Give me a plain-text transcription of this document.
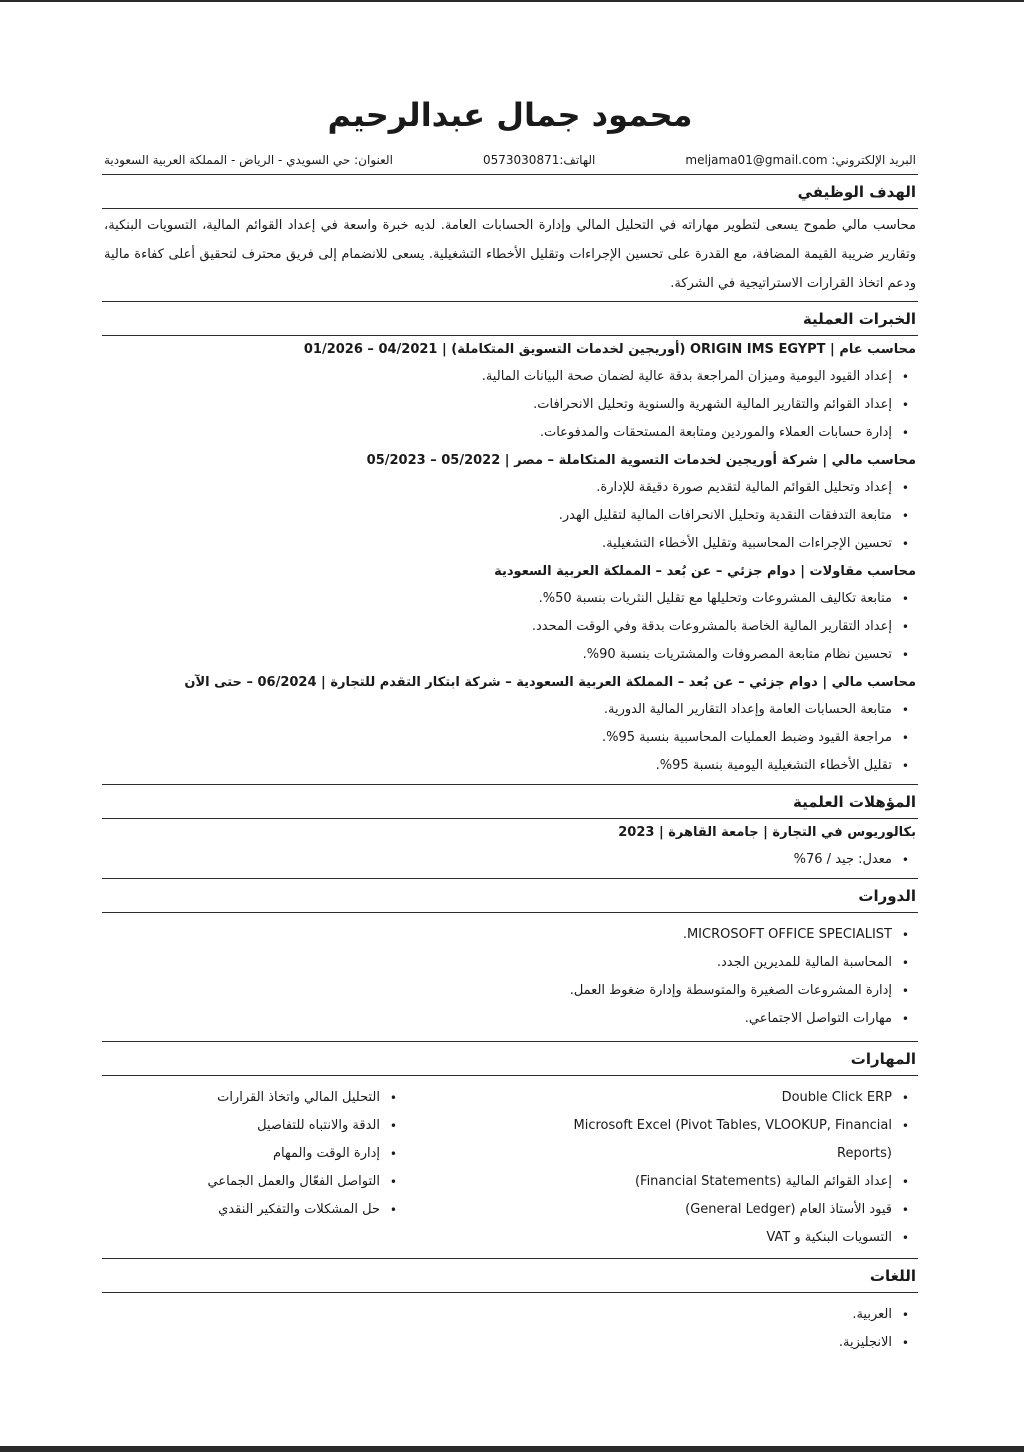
محمود جمال عبدالرحيم
البريد الإلكتروني: meljama01@gmail.com
الهاتف:0573030871
العنوان: حي السويدي - الرياض - المملكة العربية السعودية
الهدف الوظيفي
محاسب مالي طموح يسعى لتطوير مهاراته في التحليل المالي وإدارة الحسابات العامة. لديه خبرة واسعة في إعداد القوائم المالية، التسويات البنكية، وتقارير ضريبة القيمة المضافة، مع القدرة على تحسين الإجراءات وتقليل الأخطاء التشغيلية. يسعى للانضمام إلى فريق محترف لتحقيق أعلى كفاءة مالية ودعم اتخاذ القرارات الاستراتيجية في الشركة.
الخبرات العملية
محاسب عام | ORIGIN IMS EGYPT (أوريجين لخدمات التسويق المتكاملة) | 04/2021 – 01/2026
• إعداد القيود اليومية وميزان المراجعة بدقة عالية لضمان صحة البيانات المالية.
• إعداد القوائم والتقارير المالية الشهرية والسنوية وتحليل الانحرافات.
• إدارة حسابات العملاء والموردين ومتابعة المستحقات والمدفوعات.
محاسب مالي | شركة أوريجين لخدمات التسوية المتكاملة – مصر | 05/2022 – 05/2023
• إعداد وتحليل القوائم المالية لتقديم صورة دقيقة للإدارة.
• متابعة التدفقات النقدية وتحليل الانحرافات المالية لتقليل الهدر.
• تحسين الإجراءات المحاسبية وتقليل الأخطاء التشغيلية.
محاسب مقاولات | دوام جزئي – عن بُعد – المملكة العربية السعودية
• متابعة تكاليف المشروعات وتحليلها مع تقليل النثريات بنسبة 50%.
• إعداد التقارير المالية الخاصة بالمشروعات بدقة وفي الوقت المحدد.
• تحسين نظام متابعة المصروفات والمشتريات بنسبة 90%.
محاسب مالي | دوام جزئي – عن بُعد – المملكة العربية السعودية – شركة ابتكار التقدم للتجارة | 06/2024 – حتى الآن
• متابعة الحسابات العامة وإعداد التقارير المالية الدورية.
• مراجعة القيود وضبط العمليات المحاسبية بنسبة 95%.
• تقليل الأخطاء التشغيلية اليومية بنسبة 95%.
المؤهلات العلمية
بكالوريوس في التجارة | جامعة القاهرة | 2023
• معدل: جيد / 76%
الدورات
• MICROSOFT OFFICE SPECIALIST.
• المحاسبة المالية للمديرين الجدد.
• إدارة المشروعات الصغيرة والمتوسطة وإدارة ضغوط العمل.
• مهارات التواصل الاجتماعي.
المهارات
• Double Click ERP
• Microsoft Excel (Pivot Tables, VLOOKUP, Financial Reports)
• إعداد القوائم المالية (Financial Statements)
• قيود الأستاذ العام (General Ledger)
• التسويات البنكية و VAT
• التحليل المالي واتخاذ القرارات
• الدقة والانتباه للتفاصيل
• إدارة الوقت والمهام
• التواصل الفعّال والعمل الجماعي
• حل المشكلات والتفكير النقدي
اللغات
• العربية.
• الانجليزية.
